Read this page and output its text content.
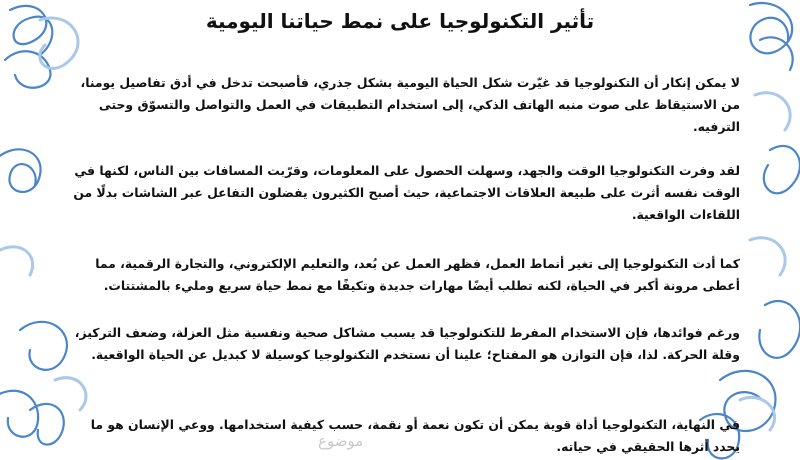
تأثير التكنولوجيا على نمط حياتنا اليومية

لا يمكن إنكار أن التكنولوجيا قد غيّرت شكل الحياة اليومية بشكل جذري، فأصبحت تدخل في أدق تفاصيل يومنا، من الاستيقاظ على صوت منبه الهاتف الذكي، إلى استخدام التطبيقات في العمل والتواصل والتسوّق وحتى الترفيه.

لقد وفرت التكنولوجيا الوقت والجهد، وسهلت الحصول على المعلومات، وقرّبت المسافات بين الناس، لكنها في الوقت نفسه أثرت على طبيعة العلاقات الاجتماعية، حيث أصبح الكثيرون يفضلون التفاعل عبر الشاشات بدلًا من اللقاءات الواقعية.

كما أدت التكنولوجيا إلى تغير أنماط العمل، فظهر العمل عن بُعد، والتعليم الإلكتروني، والتجارة الرقمية، مما أعطى مرونة أكبر في الحياة، لكنه تطلب أيضًا مهارات جديدة وتكيفًا مع نمط حياة سريع ومليء بالمشتتات.

ورغم فوائدها، فإن الاستخدام المفرط للتكنولوجيا قد يسبب مشاكل صحية ونفسية مثل العزلة، وضعف التركيز، وقلة الحركة. لذا، فإن التوازن هو المفتاح؛ علينا أن نستخدم التكنولوجيا كوسيلة لا كبديل عن الحياة الواقعية.

في النهاية، التكنولوجيا أداة قوية يمكن أن تكون نعمة أو نقمة، حسب كيفية استخدامها. ووعي الإنسان هو ما يحدد أثرها الحقيقي في حياته.

موضوع
